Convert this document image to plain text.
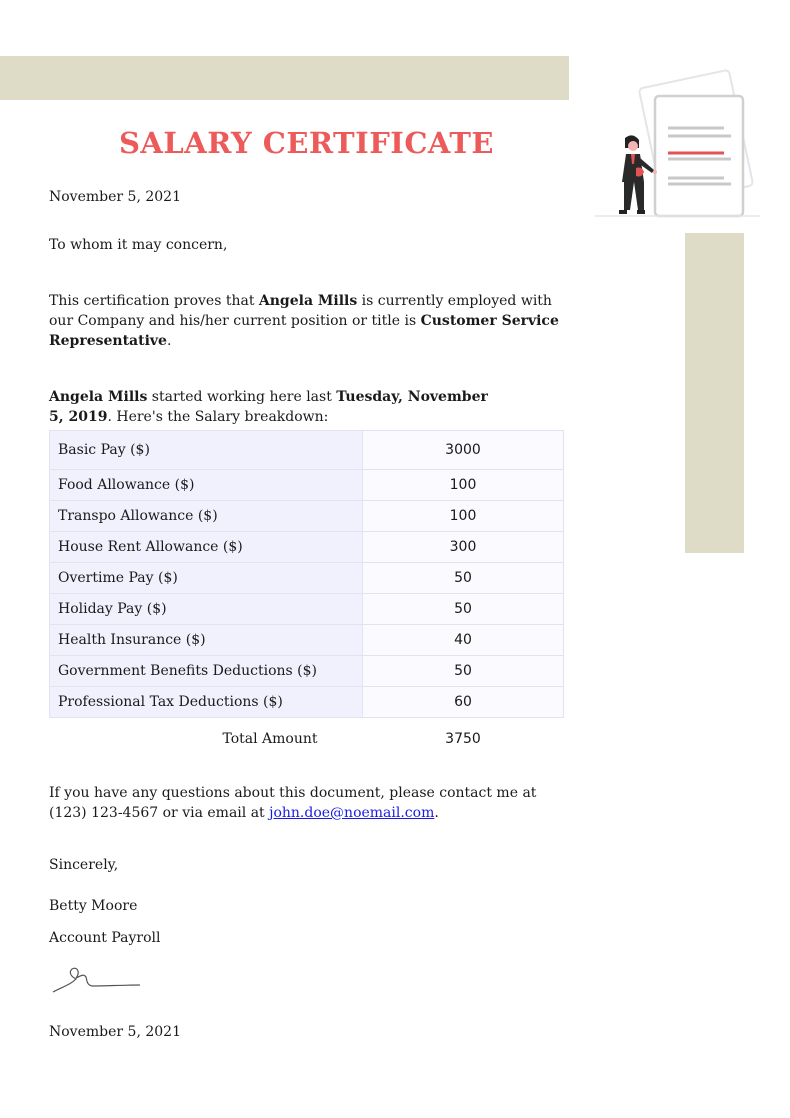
SALARY CERTIFICATE
November 5, 2021
To whom it may concern,
This certification proves that Angela Mills is currently employed with our Company and his/her current position or title is Customer Service Representative.
Angela Mills started working here last Tuesday, November 5, 2019. Here's the Salary breakdown:
Basic Pay ($)	3000
Food Allowance ($)	100
Transpo Allowance ($)	100
House Rent Allowance ($)	300
Overtime Pay ($)	50
Holiday Pay ($)	50
Health Insurance ($)	40
Government Benefits Deductions ($)	50
Professional Tax Deductions ($)	60
Total Amount	3750
If you have any questions about this document, please contact me at (123) 123-4567 or via email at john.doe@noemail.com.
Sincerely,
Betty Moore
Account Payroll
November 5, 2021
